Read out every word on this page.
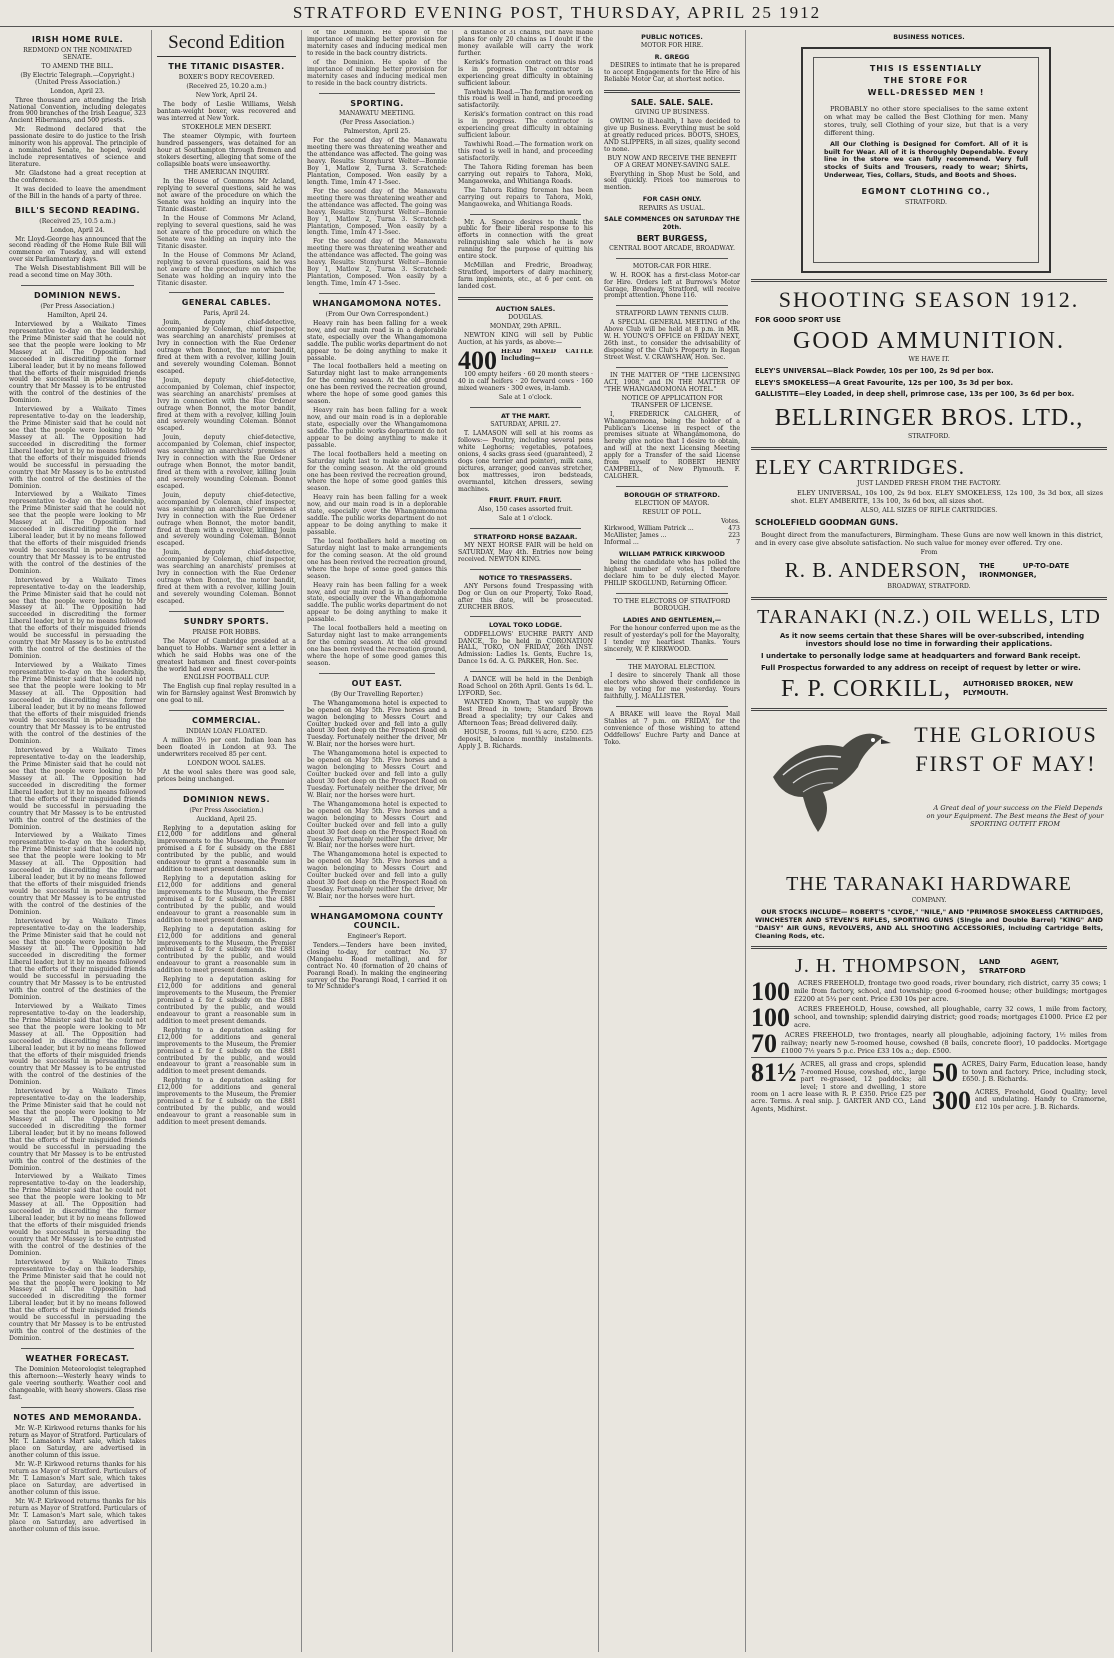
STRATFORD EVENING POST, THURSDAY, APRIL 25 1912
IRISH HOME RULE.
REDMOND ON THE NOMINATED SENATE.
TO AMEND THE BILL.
(By Electric Telegraph.—Copyright.) (United Press Association.)
London, April 23.

Three thousand are attending the Irish National Convention, including delegates from 900 branches of the Irish League, 323 Ancient Hibernians, and 500 priests.

Mr. Redmond declared that the passionate desire to do justice to the Irish minority won his approval. The principle of a nominated Senate, he hoped, would include representatives of science and literature.

Mr. Gladstone had a great reception at the conference.

It was decided to leave the amendment of the Bill in the hands of a party of three.

BILL'S SECOND READING.
(Received 25, 10.5 a.m.)
London, April 24.

Mr. Lloyd-George has announced that the second reading of the Home Rule Bill will commence on Tuesday, and will extend over six Parliamentary days.

The Welsh Disestablishment Bill will be read a second time on May 30th.

DOMINION NEWS.
(Per Press Association.)
Hamilton, April 24.

Interviewed by a Waikato Times representative to-day on the leadership, the Prime Minister said that he could not see that the people were looking to Mr Massey at all. The Opposition had succeeded in discrediting the former Liberal leader, but it by no means followed that the efforts of their misguided friends would be successful in persuading the country that Mr Massey is to be entrusted with the control of the destinies of the Dominion.

Interviewed by a Waikato Times representative to-day on the leadership, the Prime Minister said that he could not see that the people were looking to Mr Massey at all. The Opposition had succeeded in discrediting the former Liberal leader, but it by no means followed that the efforts of their misguided friends would be successful in persuading the country that Mr Massey is to be entrusted with the control of the destinies of the Dominion.

Interviewed by a Waikato Times representative to-day on the leadership, the Prime Minister said that he could not see that the people were looking to Mr Massey at all. The Opposition had succeeded in discrediting the former Liberal leader, but it by no means followed that the efforts of their misguided friends would be successful in persuading the country that Mr Massey is to be entrusted with the control of the destinies of the Dominion.

Interviewed by a Waikato Times representative to-day on the leadership, the Prime Minister said that he could not see that the people were looking to Mr Massey at all. The Opposition had succeeded in discrediting the former Liberal leader, but it by no means followed that the efforts of their misguided friends would be successful in persuading the country that Mr Massey is to be entrusted with the control of the destinies of the Dominion.

Interviewed by a Waikato Times representative to-day on the leadership, the Prime Minister said that he could not see that the people were looking to Mr Massey at all. The Opposition had succeeded in discrediting the former Liberal leader, but it by no means followed that the efforts of their misguided friends would be successful in persuading the country that Mr Massey is to be entrusted with the control of the destinies of the Dominion.

Interviewed by a Waikato Times representative to-day on the leadership, the Prime Minister said that he could not see that the people were looking to Mr Massey at all. The Opposition had succeeded in discrediting the former Liberal leader, but it by no means followed that the efforts of their misguided friends would be successful in persuading the country that Mr Massey is to be entrusted with the control of the destinies of the Dominion.

Interviewed by a Waikato Times representative to-day on the leadership, the Prime Minister said that he could not see that the people were looking to Mr Massey at all. The Opposition had succeeded in discrediting the former Liberal leader, but it by no means followed that the efforts of their misguided friends would be successful in persuading the country that Mr Massey is to be entrusted with the control of the destinies of the Dominion.

Interviewed by a Waikato Times representative to-day on the leadership, the Prime Minister said that he could not see that the people were looking to Mr Massey at all. The Opposition had succeeded in discrediting the former Liberal leader, but it by no means followed that the efforts of their misguided friends would be successful in persuading the country that Mr Massey is to be entrusted with the control of the destinies of the Dominion.

Interviewed by a Waikato Times representative to-day on the leadership, the Prime Minister said that he could not see that the people were looking to Mr Massey at all. The Opposition had succeeded in discrediting the former Liberal leader, but it by no means followed that the efforts of their misguided friends would be successful in persuading the country that Mr Massey is to be entrusted with the control of the destinies of the Dominion.

Interviewed by a Waikato Times representative to-day on the leadership, the Prime Minister said that he could not see that the people were looking to Mr Massey at all. The Opposition had succeeded in discrediting the former Liberal leader, but it by no means followed that the efforts of their misguided friends would be successful in persuading the country that Mr Massey is to be entrusted with the control of the destinies of the Dominion.

Interviewed by a Waikato Times representative to-day on the leadership, the Prime Minister said that he could not see that the people were looking to Mr Massey at all. The Opposition had succeeded in discrediting the former Liberal leader, but it by no means followed that the efforts of their misguided friends would be successful in persuading the country that Mr Massey is to be entrusted with the control of the destinies of the Dominion.

Interviewed by a Waikato Times representative to-day on the leadership, the Prime Minister said that he could not see that the people were looking to Mr Massey at all. The Opposition had succeeded in discrediting the former Liberal leader, but it by no means followed that the efforts of their misguided friends would be successful in persuading the country that Mr Massey is to be entrusted with the control of the destinies of the Dominion.

WEATHER FORECAST.

The Dominion Meteorologist telegraphed this afternoon:—Westerly heavy winds to gale veering southerly. Weather cool and changeable, with heavy showers. Glass rise fast.

NOTES AND MEMORANDA.

Mr. W.-P. Kirkwood returns thanks for his return as Mayor of Stratford. Particulars of Mr. T. Lamason's Mart sale, which takes place on Saturday, are advertised in another column of this issue.

Mr. W.-P. Kirkwood returns thanks for his return as Mayor of Stratford. Particulars of Mr. T. Lamason's Mart sale, which takes place on Saturday, are advertised in another column of this issue.

Mr. W.-P. Kirkwood returns thanks for his return as Mayor of Stratford. Particulars of Mr. T. Lamason's Mart sale, which takes place on Saturday, are advertised in another column of this issue.

Second Edition
THE TITANIC DISASTER.
BOXER'S BODY RECOVERED.
(Received 25, 10.20 a.m.)
New York, April 24.

The body of Leslie Williams, Welsh bantam-weight boxer, was recovered and was interred at New York.

STOKEHOLE MEN DESERT.

The steamer Olympic, with fourteen hundred passengers, was detained for an hour at Southampton through firemen and stokers deserting, alleging that some of the collapsible boats were unseaworthy.

THE AMERICAN INQUIRY.

In the House of Commons Mr Acland, replying to several questions, said he was not aware of the procedure on which the Senate was holding an inquiry into the Titanic disaster.

In the House of Commons Mr Acland, replying to several questions, said he was not aware of the procedure on which the Senate was holding an inquiry into the Titanic disaster.

In the House of Commons Mr Acland, replying to several questions, said he was not aware of the procedure on which the Senate was holding an inquiry into the Titanic disaster.

GENERAL CABLES.
Paris, April 24.

Jouin, deputy chief-detective, accompanied by Coleman, chief inspector, was searching an anarchists' premises at Ivry in connection with the Rue Ordener outrage when Bonnot, the motor bandit, fired at them with a revolver, killing Jouin and severely wounding Coleman. Bonnot escaped.

Jouin, deputy chief-detective, accompanied by Coleman, chief inspector, was searching an anarchists' premises at Ivry in connection with the Rue Ordener outrage when Bonnot, the motor bandit, fired at them with a revolver, killing Jouin and severely wounding Coleman. Bonnot escaped.

Jouin, deputy chief-detective, accompanied by Coleman, chief inspector, was searching an anarchists' premises at Ivry in connection with the Rue Ordener outrage when Bonnot, the motor bandit, fired at them with a revolver, killing Jouin and severely wounding Coleman. Bonnot escaped.

Jouin, deputy chief-detective, accompanied by Coleman, chief inspector, was searching an anarchists' premises at Ivry in connection with the Rue Ordener outrage when Bonnot, the motor bandit, fired at them with a revolver, killing Jouin and severely wounding Coleman. Bonnot escaped.

Jouin, deputy chief-detective, accompanied by Coleman, chief inspector, was searching an anarchists' premises at Ivry in connection with the Rue Ordener outrage when Bonnot, the motor bandit, fired at them with a revolver, killing Jouin and severely wounding Coleman. Bonnot escaped.

SUNDRY SPORTS.
PRAISE FOR HOBBS.

The Mayor of Cambridge presided at a banquet to Hobbs. Warner sent a letter in which he said Hobbs was one of the greatest batsmen and finest cover-points the world had ever seen.

ENGLISH FOOTBALL CUP.

The English cup final replay resulted in a win for Barnsley against West Bromwich by one goal to nil.

COMMERCIAL.
INDIAN LOAN FLOATED.

A million 3½ per cent. Indian loan has been floated in London at 93. The underwriters received 85 per cent.

LONDON WOOL SALES.

At the wool sales there was good sale, prices being unchanged.

DOMINION NEWS.
(Per Press Association.)
Auckland, April 25.

Replying to a deputation asking for £12,000 for additions and general improvements to the Museum, the Premier promised a £ for £ subsidy on the £881 contributed by the public, and would endeavour to grant a reasonable sum in addition to meet present demands.

Replying to a deputation asking for £12,000 for additions and general improvements to the Museum, the Premier promised a £ for £ subsidy on the £881 contributed by the public, and would endeavour to grant a reasonable sum in addition to meet present demands.

Replying to a deputation asking for £12,000 for additions and general improvements to the Museum, the Premier promised a £ for £ subsidy on the £881 contributed by the public, and would endeavour to grant a reasonable sum in addition to meet present demands.

Replying to a deputation asking for £12,000 for additions and general improvements to the Museum, the Premier promised a £ for £ subsidy on the £881 contributed by the public, and would endeavour to grant a reasonable sum in addition to meet present demands.

Replying to a deputation asking for £12,000 for additions and general improvements to the Museum, the Premier promised a £ for £ subsidy on the £881 contributed by the public, and would endeavour to grant a reasonable sum in addition to meet present demands.

Replying to a deputation asking for £12,000 for additions and general improvements to the Museum, the Premier promised a £ for £ subsidy on the £881 contributed by the public, and would endeavour to grant a reasonable sum in addition to meet present demands.

of the Dominion. He spoke of the importance of making better provision for maternity cases and inducing medical men to reside in the back country districts.

of the Dominion. He spoke of the importance of making better provision for maternity cases and inducing medical men to reside in the back country districts.

SPORTING.
MANAWATU MEETING.
(Per Press Association.)
Palmerston, April 25.

For the second day of the Manawatu meeting there was threatening weather and the attendance was affected. The going was heavy. Results: Stonyhurst Welter—Bonnie Boy 1, Matlow 2, Turna 3. Scratched: Plantation, Composed. Won easily by a length. Time, 1min 47 1-5sec.

For the second day of the Manawatu meeting there was threatening weather and the attendance was affected. The going was heavy. Results: Stonyhurst Welter—Bonnie Boy 1, Matlow 2, Turna 3. Scratched: Plantation, Composed. Won easily by a length. Time, 1min 47 1-5sec.

For the second day of the Manawatu meeting there was threatening weather and the attendance was affected. The going was heavy. Results: Stonyhurst Welter—Bonnie Boy 1, Matlow 2, Turna 3. Scratched: Plantation, Composed. Won easily by a length. Time, 1min 47 1-5sec.

WHANGAMOMONA NOTES.
(From Our Own Correspondent.)

Heavy rain has been falling for a week now, and our main road is in a deplorable state, especially over the Whangamomona saddle. The public works department do not appear to be doing anything to make it passable.

The local footballers held a meeting on Saturday night last to make arrangements for the coming season. At the old ground one has been revived the recreation ground, where the hope of some good games this season.

Heavy rain has been falling for a week now, and our main road is in a deplorable state, especially over the Whangamomona saddle. The public works department do not appear to be doing anything to make it passable.

The local footballers held a meeting on Saturday night last to make arrangements for the coming season. At the old ground one has been revived the recreation ground, where the hope of some good games this season.

Heavy rain has been falling for a week now, and our main road is in a deplorable state, especially over the Whangamomona saddle. The public works department do not appear to be doing anything to make it passable.

The local footballers held a meeting on Saturday night last to make arrangements for the coming season. At the old ground one has been revived the recreation ground, where the hope of some good games this season.

Heavy rain has been falling for a week now, and our main road is in a deplorable state, especially over the Whangamomona saddle. The public works department do not appear to be doing anything to make it passable.

The local footballers held a meeting on Saturday night last to make arrangements for the coming season. At the old ground one has been revived the recreation ground, where the hope of some good games this season.

OUT EAST.
(By Our Travelling Reporter.)

The Whangamomona hotel is expected to be opened on May 5th. Five horses and a wagon belonging to Messrs Court and Coulter bucked over and fell into a gully about 30 feet deep on the Prospect Road on Tuesday. Fortunately neither the driver, Mr W. Blair, nor the horses were hurt.

The Whangamomona hotel is expected to be opened on May 5th. Five horses and a wagon belonging to Messrs Court and Coulter bucked over and fell into a gully about 30 feet deep on the Prospect Road on Tuesday. Fortunately neither the driver, Mr W. Blair, nor the horses were hurt.

The Whangamomona hotel is expected to be opened on May 5th. Five horses and a wagon belonging to Messrs Court and Coulter bucked over and fell into a gully about 30 feet deep on the Prospect Road on Tuesday. Fortunately neither the driver, Mr W. Blair, nor the horses were hurt.

The Whangamomona hotel is expected to be opened on May 5th. Five horses and a wagon belonging to Messrs Court and Coulter bucked over and fell into a gully about 30 feet deep on the Prospect Road on Tuesday. Fortunately neither the driver, Mr W. Blair, nor the horses were hurt.

WHANGAMOMONA COUNTY COUNCIL.
Engineer's Report.

Tenders.—Tenders have been invited, closing to-day, for contract No. 37 (Mangaehu Road metalling), and for contract No. 40 (formation of 20 chains of Poarangi Road). In making the engineering survey of the Poarangi Road, I carried it on to Mr Schnider's

a distance of 31 chains, but have made plans for only 20 chains as I doubt if the money available will carry the work further.

Kerisk's formation contract on this road is in progress. The contractor is experiencing great difficulty in obtaining sufficient labour.

Tawhiwhi Road.—The formation work on this road is well in hand, and proceeding satisfactorily.

Kerisk's formation contract on this road is in progress. The contractor is experiencing great difficulty in obtaining sufficient labour.

Tawhiwhi Road.—The formation work on this road is well in hand, and proceeding satisfactorily.

The Tahora Riding foreman has been carrying out repairs to Tahora, Moki, Mangaoweka, and Whitianga Roads.

The Tahora Riding foreman has been carrying out repairs to Tahora, Moki, Mangaoweka, and Whitianga Roads.

Mr. A. Spence desires to thank the public for their liberal response to his efforts in connection with the great relinquishing sale which he is now running for the purpose of quitting his entire stock.

McMillan and Fredric, Broadway, Stratford, importers of dairy machinery, farm implements, etc., at 6 per cent. on landed cost.

AUCTION SALES.
DOUGLAS.
MONDAY, 29th APRIL.

NEWTON KING will sell by Public Auction, at his yards, as above:—

400 HEAD MIXED CATTLE Including—

100 empty heifers · 60 20 month steers · 40 in calf heifers · 20 forward cows · 160 mixed weaners · 300 ewes, in-lamb.

Sale at 1 o'clock.
AT THE MART.
SATURDAY, APRIL 27.

T. LAMASON will sell at his rooms as follows:— Poultry, including several pens white Leghorns; vegetables, potatoes, onions, 4 sacks grass seed (guaranteed), 2 dogs (one terrier and pointer), milk cans, pictures, arranger, good canvas stretcher, box mattresses, iron bedsteads, overmantel, kitchen dressers, sewing machines.

FRUIT. FRUIT. FRUIT.
Also, 150 cases assorted fruit.
Sale at 1 o'clock.
STRATFORD HORSE BAZAAR.

MY NEXT HORSE FAIR will be held on SATURDAY, May 4th. Entries now being received. NEWTON KING.

NOTICE TO TRESPASSERS.

ANY Persons found Trespassing with Dog or Gun on our Property, Toko Road, after this date, will be prosecuted. ZURCHER BROS.

LOYAL TOKO LODGE.

ODDFELLOWS' EUCHRE PARTY AND DANCE, To be held in CORONATION HALL, TOKO, ON FRIDAY, 26th INST. Admission: Ladies 1s. Gents, Euchre 1s, Dance 1s 6d. A. G. PARKER, Hon. Sec.

A DANCE will be held in the Denbigh Road School on 26th April. Gents 1s 6d. L. LYFORD, Sec.

WANTED Known, That we supply the Best Bread in town; Standard Brown Bread a speciality; try our Cakes and Afternoon Teas; Bread delivered daily.

HOUSE, 5 rooms, full ¼ acre, £250. £25 deposit, balance monthly instalments. Apply J. B. Richards.

PUBLIC NOTICES.
MOTOR FOR HIRE.
R. GREGG

DESIRES to intimate that he is prepared to accept Engagements for the Hire of his Reliable Motor Car, at shortest notice.

SALE. SALE. SALE.
GIVING UP BUSINESS.

OWING to ill-health, I have decided to give up Business. Everything must be sold at greatly reduced prices. BOOTS, SHOES, AND SLIPPERS, in all sizes, quality second to none.

BUY NOW AND RECEIVE THE BENEFIT OF A GREAT MONEY-SAVING SALE.

Everything in Shop Must be Sold, and sold quickly. Prices too numerous to mention.

FOR CASH ONLY.
REPAIRS AS USUAL.
SALE COMMENCES ON SATURDAY THE 20th.
BERT BURGESS,
CENTRAL BOOT ARCADE, BROADWAY.
MOTOR-CAR FOR HIRE.

W. H. ROOK has a first-class Motor-car for Hire. Orders left at Burrows's Motor Garage, Broadway, Stratford, will receive prompt attention. Phone 116.

STRATFORD LAWN TENNIS CLUB.

A SPECIAL GENERAL MEETING of the Above Club will be held at 8 p.m. in MR. W. H. YOUNG'S OFFICE on FRIDAY NEXT, 26th inst., to consider the advisability of disposing of the Club's Property in Regan Street West. V. CRAWSHAW, Hon. Sec.

IN THE MATTER OF "THE LICENSING ACT, 1908," and IN THE MATTER OF "THE WHANGAMOMONA HOTEL."

NOTICE OF APPLICATION FOR TRANSFER OF LICENSE.

I, FREDERICK CALGHER, of Whangamomona, being the holder of a Publican's License in respect of the premises situate at Whangamomona, do hereby give notice that I desire to obtain, and will at the next Licensing Meeting apply for a Transfer of the said License from myself to ROBERT HENRY CAMPBELL, of New Plymouth. F. CALGHER.

BOROUGH OF STRATFORD.
ELECTION OF MAYOR.
RESULT OF POLL.
Votes.
Kirkwood, William Patrick ...	473
McAllister, James ...	223
Informal ...	7
WILLIAM PATRICK KIRKWOOD

being the candidate who has polled the highest number of votes, I therefore declare him to be duly elected Mayor. PHILIP SKOGLUND, Returning Officer.

TO THE ELECTORS OF STRATFORD BOROUGH.
LADIES AND GENTLEMEN,—

For the honour conferred upon me as the result of yesterday's poll for the Mayoralty, I tender my heartiest Thanks. Yours sincerely, W. P. KIRKWOOD.

THE MAYORAL ELECTION.

I desire to sincerely Thank all those electors who showed their confidence in me by voting for me yesterday. Yours faithfully, J. McALLISTER.

A BRAKE will leave the Royal Mail Stables at 7 p.m. on FRIDAY, for the convenience of those wishing to attend Oddfellows' Euchre Party and Dance at Toko.

BUSINESS NOTICES.
THIS IS ESSENTIALLY
THE STORE FOR
WELL-DRESSED MEN !

PROBABLY no other store specialises to the same extent on what may be called the Best Clothing for men. Many stores, truly, sell Clothing of your size, but that is a very different thing.

All Our Clothing is Designed for Comfort. All of it is built for Wear. All of it is thoroughly Dependable. Every line in the store we can fully recommend. Very full stocks of Suits and Trousers, ready to wear; Shirts, Underwear, Ties, Collars, Studs, and Boots and Shoes.

EGMONT CLOTHING CO.,
STRATFORD.
SHOOTING SEASON 1912.
FOR GOOD SPORT USE
GOOD AMMUNITION.
WE HAVE IT.
ELEY'S UNIVERSAL—Black Powder, 10s per 100, 2s 9d per box.
ELEY'S SMOKELESS—A Great Favourite, 12s per 100, 3s 3d per box.
GALLISTITE—Eley Loaded, in deep shell, primrose case, 13s per 100, 3s 6d per box.
BELLRINGER BROS. LTD.,
STRATFORD.
ELEY CARTRIDGES.
JUST LANDED FRESH FROM THE FACTORY.

ELEY UNIVERSAL, 10s 100, 2s 9d box. ELEY SMOKELESS, 12s 100, 3s 3d box, all sizes shot. ELEY AMBERITE, 13s 100, 3s 6d box, all sizes shot.

ALSO, ALL SIZES OF RIFLE CARTRIDGES.
SCHOLEFIELD GOODMAN GUNS.

Bought direct from the manufacturers, Birmingham. These Guns are now well known in this district, and in every case give absolute satisfaction. No such value for money ever offered. Try one.

From
R. B. ANDERSON, THE UP-TO-DATE IRONMONGER,
BROADWAY, STRATFORD.
TARANAKI (N.Z.) OIL WELLS, LTD

As it now seems certain that these Shares will be over-subscribed, intending investors should lose no time in forwarding their applications.

I undertake to personally lodge same at headquarters and forward Bank receipt.

Full Prospectus forwarded to any address on receipt of request by letter or wire.

F. P. CORKILL, AUTHORISED BROKER, NEW PLYMOUTH.
THE GLORIOUS
FIRST OF MAY!

A Great deal of your success on the Field Depends on your Equipment. The Best means the Best of your SPORTING OUTFIT FROM

THE TARANAKI HARDWARE
COMPANY.

OUR STOCKS INCLUDE— ROBERT'S "CLYDE," "NILE," AND "PRIMROSE SMOKELESS CARTRIDGES, WINCHESTER AND STEVEN'S RIFLES, SPORTING GUNS (Single and Double Barrel) "KING" AND "DAISY" AIR GUNS, REVOLVERS, AND ALL SHOOTING ACCESSORIES, including Cartridge Belts, Cleaning Rods, etc.

J. H. THOMPSON, LAND AGENT, STRATFORD
100 ACRES FREEHOLD, frontage two good roads, river boundary, rich district, carry 35 cows; 1 mile from factory, school, and township; good 6-roomed house; other buildings; mortgages £2200 at 5¼ per cent. Price £30 10s per acre.
100 ACRES FREEHOLD, House, cowshed, all ploughable, carry 32 cows, 1 mile from factory, school, and township; splendid dairying district; good roads; mortgages £1000. Price £2 per acre.
70 ACRES FREEHOLD, two frontages, nearly all ploughable, adjoining factory, 1½ miles from railway; nearly new 5-roomed house, cowshed (8 bails, concrete floor), 10 paddocks. Mortgage £1000 7½ years 5 p.c. Price £33 10s a.; dep. £500.
81½ ACRES, all grass and crops, splendid 7-roomed House, cowshed, etc., large part re-grassed, 12 paddocks; all level; 1 store and dwelling, 1 store room on 1 acre lease with R. P. £350. Price £25 per acre. Terms. A real snip. J. GARTER AND CO., Land Agents, Midhirst.
50 ACRES, Dairy Farm, Education lease, handy to town and factory. Price, including stock, £650. J. B. Richards.
300 ACRES, Freehold, Good Quality; level and undulating. Handy to Cramorne, £12 10s per acre. J. B. Richards.
